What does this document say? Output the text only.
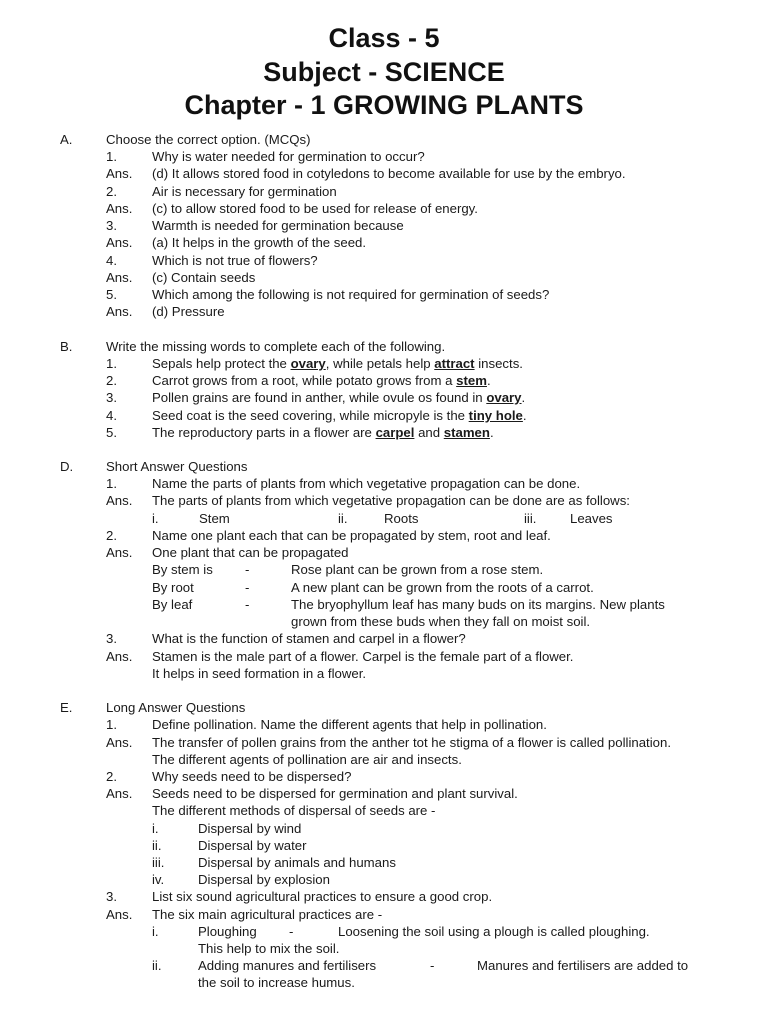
Class - 5
Subject - SCIENCE
Chapter - 1 GROWING PLANTS
A.	Choose the correct option. (MCQs)
1.	Why is water needed for germination to occur?
Ans. (d) It allows stored food in cotyledons to become available for use by the embryo.
2.	Air is necessary for germination
Ans. (c) to allow stored food to be used for release of energy.
3.	Warmth is needed for germination because
Ans. (a) It helps in the growth of the seed.
4.	Which is not true of flowers?
Ans. (c) Contain seeds
5.	Which among the following is not required for germination of seeds?
Ans. (d) Pressure
B.	Write the missing words to complete each of the following.
1.	Sepals help protect the ovary, while petals help attract insects.
2.	Carrot grows from a root, while potato grows from a stem.
3.	Pollen grains are found in anther, while ovule os found in ovary.
4.	Seed coat is the seed covering, while micropyle is the tiny hole.
5.	The reproductory parts in a flower are carpel and stamen.
D. Short Answer Questions
1.	Name the parts of plants from which vegetative propagation can be done.
Ans. The parts of plants from which vegetative propagation can be done are as follows:
i.	Stem	ii.	Roots	iii.	Leaves
2.	Name one plant each that can be propagated by stem, root and leaf.
Ans. One plant that can be propagated
By stem is -	Rose plant can be grown from a rose stem.
By root	-	A new plant can be grown from the roots of a carrot.
By leaf	-	The bryophyllum leaf has many buds on its margins. New plants
grown from these buds when they fall on moist soil.
3.	What is the function of stamen and carpel in a flower?
Ans. Stamen is the male part of a flower. Carpel is the female part of a flower.
It helps in seed formation in a flower.
E.	Long Answer Questions
1.	Define pollination. Name the different agents that help in pollination.
Ans. The transfer of pollen grains from the anther tot he stigma of a flower is called pollination.
The different agents of pollination are air and insects.
2.	Why seeds need to be dispersed?
Ans. Seeds need to be dispersed for germination and plant survival.
The different methods of dispersal of seeds are -
i.	Dispersal by wind
ii.	Dispersal by water
iii.	Dispersal by animals and humans
iv.	Dispersal by explosion
3.	List six sound agricultural practices to ensure a good crop.
Ans. The six main agricultural practices are -
i.	Ploughing -	Loosening the soil using a plough is called ploughing.
This help to mix the soil.
ii.	Adding manures and fertilisers	-	Manures and fertilisers are added to
the soil to increase humus.
